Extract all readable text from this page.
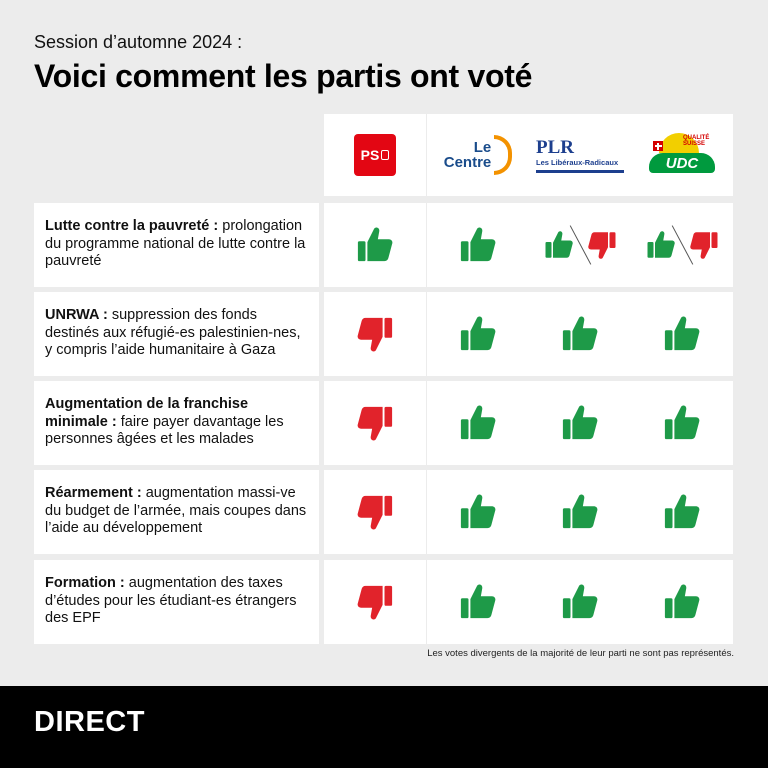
Session d’automne 2024 :
Voici comment les partis ont voté
PS	Le
Centre
PLR
Les Libéraux-Radicaux
QUALITÉ
SUISSE
UDC
Lutte contre la pauvreté : prolongation du programme national de lutte contre la pauvreté
UNRWA : suppression des fonds destinés aux réfugié-es palestinien-nes, y compris l’aide humanitaire à Gaza
Augmentation de la franchise minimale : faire payer davantage les personnes âgées et les malades
Réarmement : augmentation massi-ve du budget de l’armée, mais coupes dans l’aide au développement
Formation : augmentation des taxes d’études pour les étudiant-es étrangers des EPF
Les votes divergents de la majorité de leur parti ne sont pas représentés.
DIRECT
